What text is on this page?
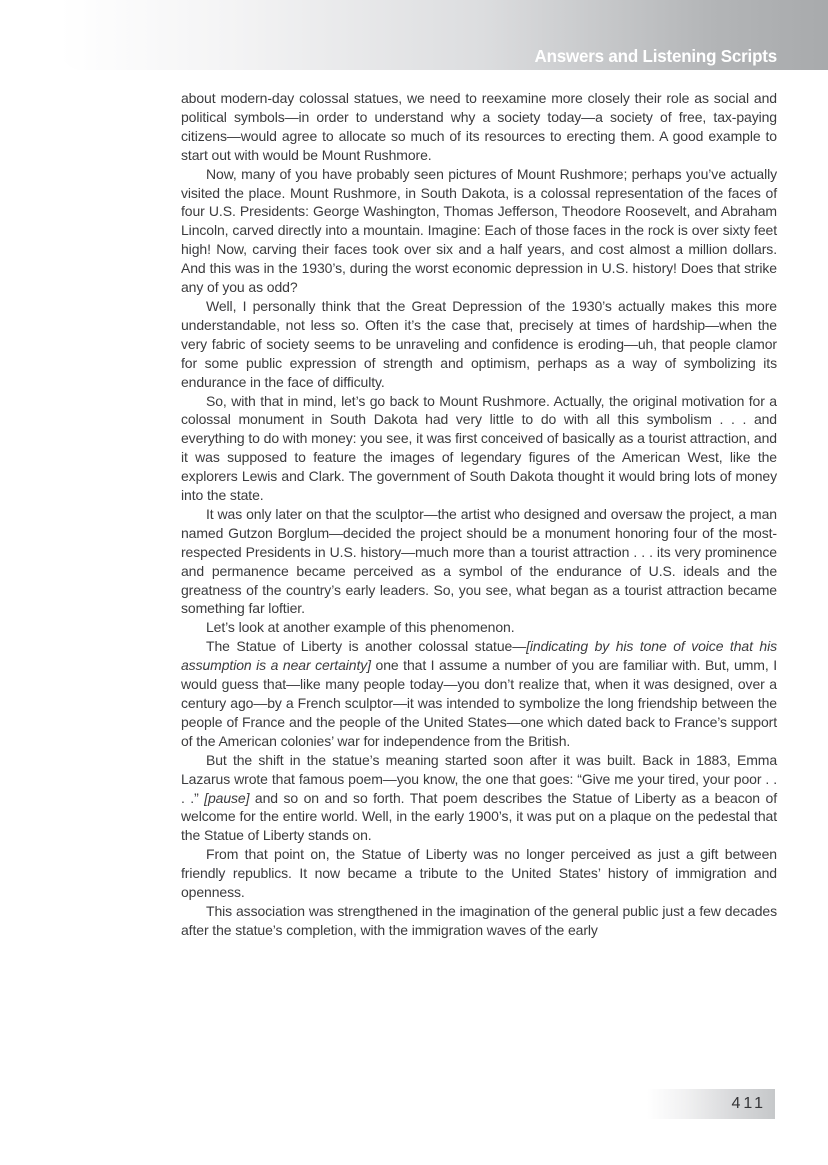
Answers and Listening Scripts

about modern-day colossal statues, we need to reexamine more closely their role as social and political symbols—in order to understand why a society today—a society of free, tax-paying citizens—would agree to allocate so much of its resources to erecting them. A good example to start out with would be Mount Rushmore.

Now, many of you have probably seen pictures of Mount Rushmore; perhaps you’ve actually visited the place. Mount Rushmore, in South Dakota, is a colossal representation of the faces of four U.S. Presidents: George Washington, Thomas Jefferson, Theodore Roosevelt, and Abraham Lincoln, carved directly into a mountain. Imagine: Each of those faces in the rock is over sixty feet high! Now, carving their faces took over six and a half years, and cost almost a million dollars. And this was in the 1930’s, during the worst economic depression in U.S. history! Does that strike any of you as odd?

Well, I personally think that the Great Depression of the 1930’s actually makes this more understandable, not less so. Often it’s the case that, precisely at times of hardship—when the very fabric of society seems to be unraveling and confidence is eroding—uh, that people clamor for some public expression of strength and optimism, perhaps as a way of symbolizing its endurance in the face of difficulty.

So, with that in mind, let’s go back to Mount Rushmore. Actually, the original motivation for a colossal monument in South Dakota had very little to do with all this symbolism . . . and everything to do with money: you see, it was first conceived of basically as a tourist attraction, and it was supposed to feature the images of legendary figures of the American West, like the explorers Lewis and Clark. The government of South Dakota thought it would bring lots of money into the state.

It was only later on that the sculptor—the artist who designed and oversaw the project, a man named Gutzon Borglum—decided the project should be a monument honoring four of the most-respected Presidents in U.S. history—much more than a tourist attraction . . . its very prominence and permanence became perceived as a symbol of the endurance of U.S. ideals and the greatness of the country’s early leaders. So, you see, what began as a tourist attraction became something far loftier.

Let’s look at another example of this phenomenon.

The Statue of Liberty is another colossal statue—[indicating by his tone of voice that his assumption is a near certainty] one that I assume a number of you are familiar with. But, umm, I would guess that—like many people today—you don’t realize that, when it was designed, over a century ago—by a French sculptor—it was intended to symbolize the long friendship between the people of France and the people of the United States—one which dated back to France’s support of the American colonies’ war for independence from the British.

But the shift in the statue’s meaning started soon after it was built. Back in 1883, Emma Lazarus wrote that famous poem—you know, the one that goes: “Give me your tired, your poor . . . .” [pause] and so on and so forth. That poem describes the Statue of Liberty as a beacon of welcome for the entire world. Well, in the early 1900’s, it was put on a plaque on the pedestal that the Statue of Liberty stands on.

From that point on, the Statue of Liberty was no longer perceived as just a gift between friendly republics. It now became a tribute to the United States’ history of immigration and openness.

This association was strengthened in the imagination of the general public just a few decades after the statue’s completion, with the immigration waves of the early

411
